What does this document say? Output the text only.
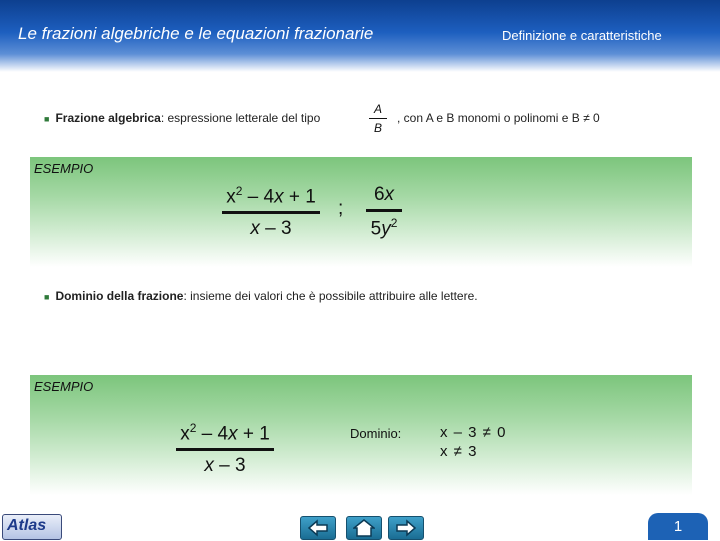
Le frazioni algebriche e le equazioni frazionarie	Definizione e caratteristiche
■ Frazione algebrica: espressione letterale del tipo
A
B
, con A e B monomi o polinomi e B ≠ 0
ESEMPIO
$x^2 - 4x + 1$
x – 3
;
6x
$5y^2$
■ Dominio della frazione: insieme dei valori che è possibile attribuire alle lettere.
ESEMPIO
$x^2 - 4x + 1$
x – 3
Dominio:	x – 3 ≠ 0
x ≠ 3
Atlas	1
